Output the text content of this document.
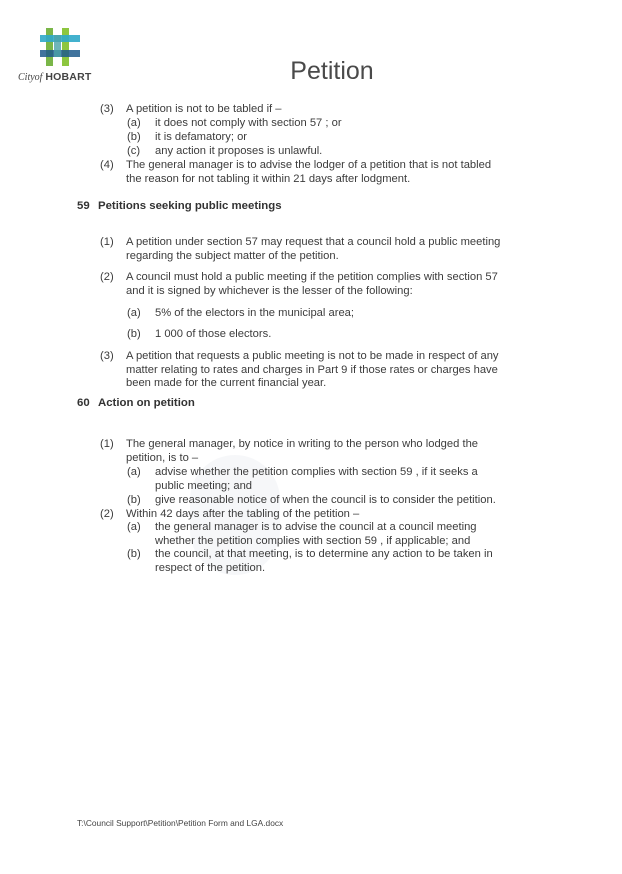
Cityof HOBART	Petition
(3) A petition is not to be tabled if –
(a) it does not comply with section 57 ; or
(b) it is defamatory; or
(c) any action it proposes is unlawful.
(4) The general manager is to advise the lodger of a petition that is not tabled
the reason for not tabling it within 21 days after lodgment.
59 Petitions seeking public meetings
(1) A petition under section 57 may request that a council hold a public meeting
regarding the subject matter of the petition.
(2) A council must hold a public meeting if the petition complies with section 57
and it is signed by whichever is the lesser of the following:
(a) 5% of the electors in the municipal area;
(b) 1 000 of those electors.
(3) A petition that requests a public meeting is not to be made in respect of any
matter relating to rates and charges in Part 9 if those rates or charges have
been made for the current financial year.
60 Action on petition
(1) The general manager, by notice in writing to the person who lodged the
petition, is to –
(a) advise whether the petition complies with section 59 , if it seeks a
public meeting; and
(b) give reasonable notice of when the council is to consider the petition.
(2) Within 42 days after the tabling of the petition –
(a) the general manager is to advise the council at a council meeting
whether the petition complies with section 59 , if applicable; and
(b) the council, at that meeting, is to determine any action to be taken in
respect of the petition.
T:\Council Support\Petition\Petition Form and LGA.docx
